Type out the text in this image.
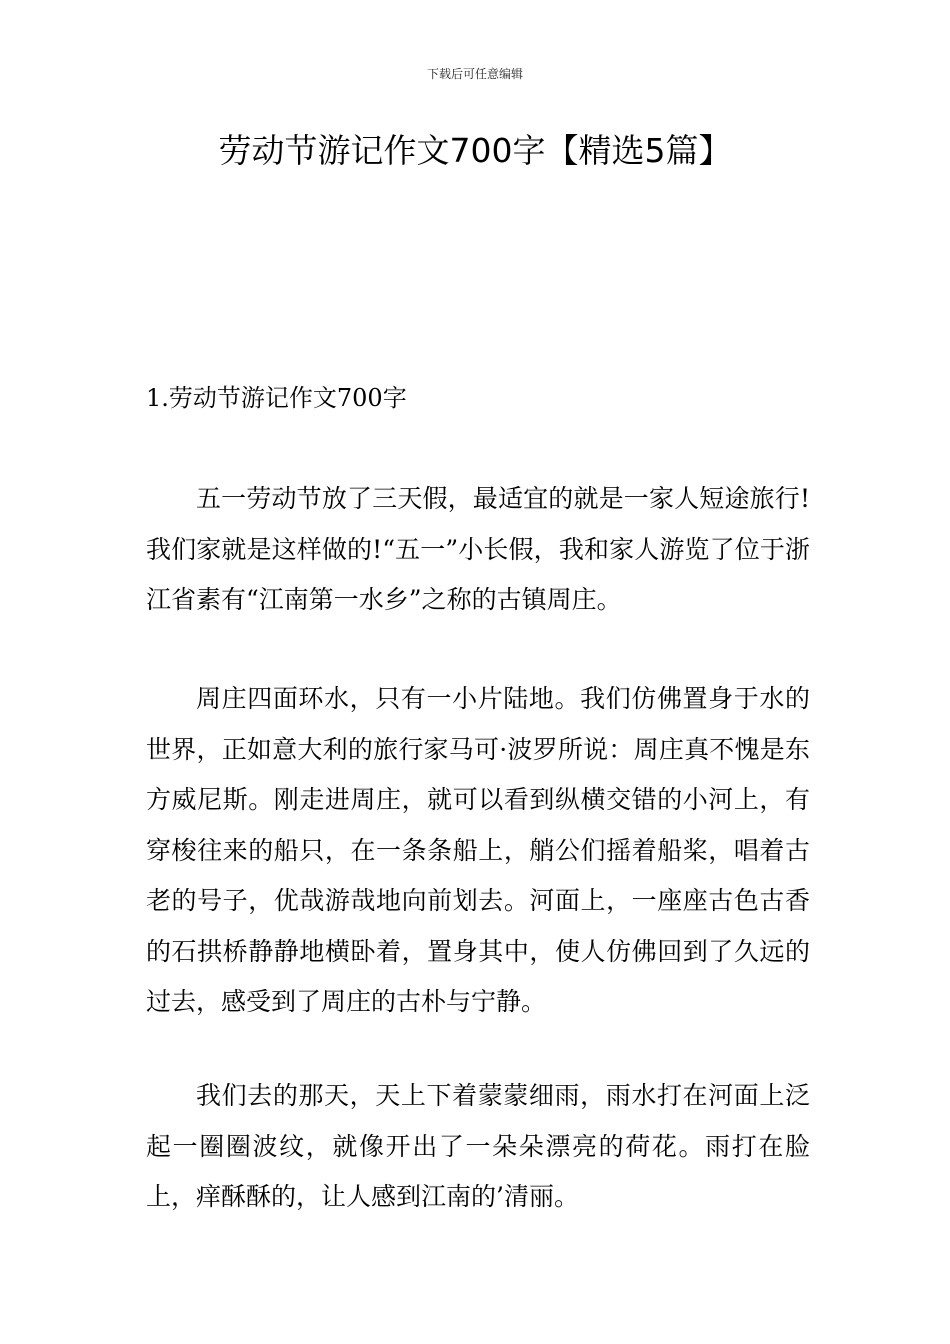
下载后可任意编辑
劳动节游记作文700字【精选5篇】
1.劳动节游记作文700字

五一劳动节放了三天假，最适宜的就是一家人短途旅行!我们家就是这样做的!“五一”小长假，我和家人游览了位于浙江省素有“江南第一水乡”之称的古镇周庄。

周庄四面环水，只有一小片陆地。我们仿佛置身于水的世界，正如意大利的旅行家马可·波罗所说：周庄真不愧是东方威尼斯。刚走进周庄，就可以看到纵横交错的小河上，有穿梭往来的船只，在一条条船上，艄公们摇着船桨，唱着古老的号子，优哉游哉地向前划去。河面上，一座座古色古香的石拱桥静静地横卧着，置身其中，使人仿佛回到了久远的过去，感受到了周庄的古朴与宁静。

我们去的那天，天上下着蒙蒙细雨，雨水打在河面上泛起一圈圈波纹，就像开出了一朵朵漂亮的荷花。雨打在脸上，痒酥酥的，让人感到江南的’清丽。
